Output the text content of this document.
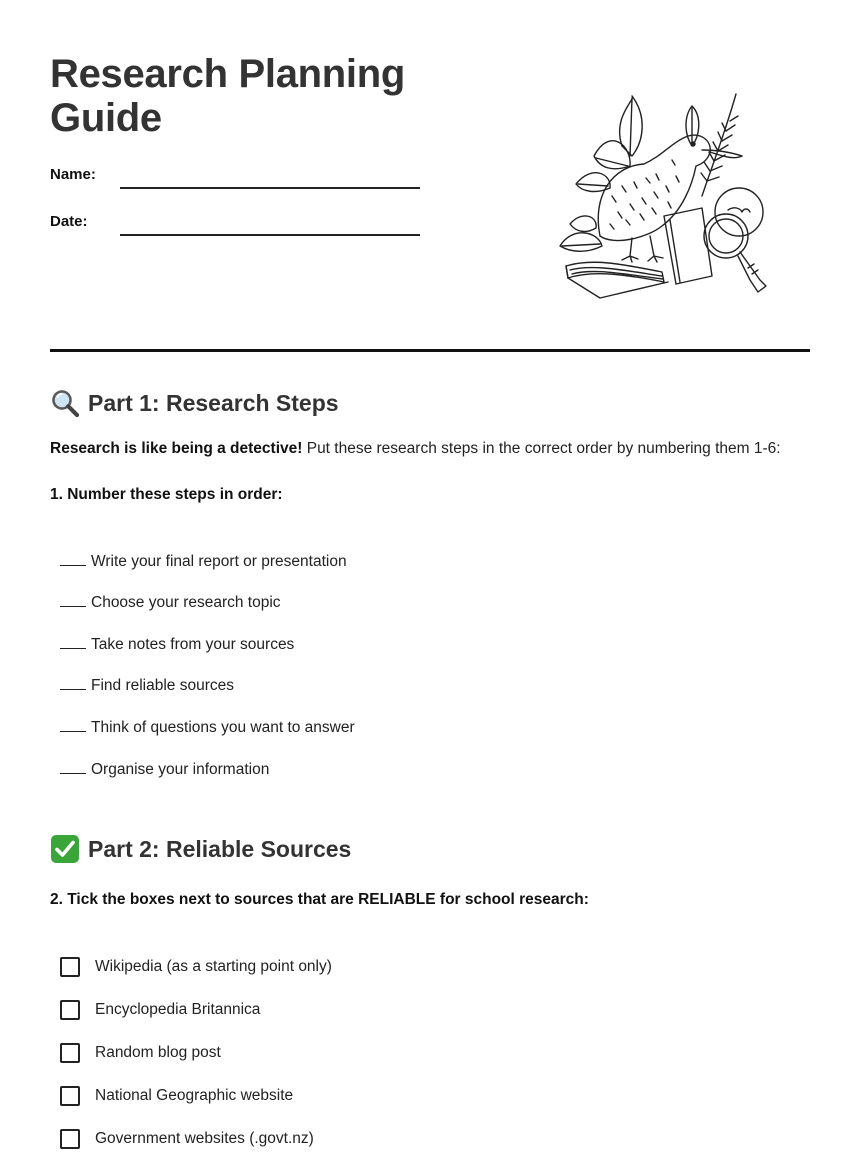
Research Planning Guide
Name:
Date:
Part 1: Research Steps
Research is like being a detective! Put these research steps in the correct order by numbering them 1-6:
1. Number these steps in order:
Write your final report or presentation
Choose your research topic
Take notes from your sources
Find reliable sources
Think of questions you want to answer
Organise your information
Part 2: Reliable Sources
2. Tick the boxes next to sources that are RELIABLE for school research:
Wikipedia (as a starting point only)
Encyclopedia Britannica
Random blog post
National Geographic website
Government websites (.govt.nz)
